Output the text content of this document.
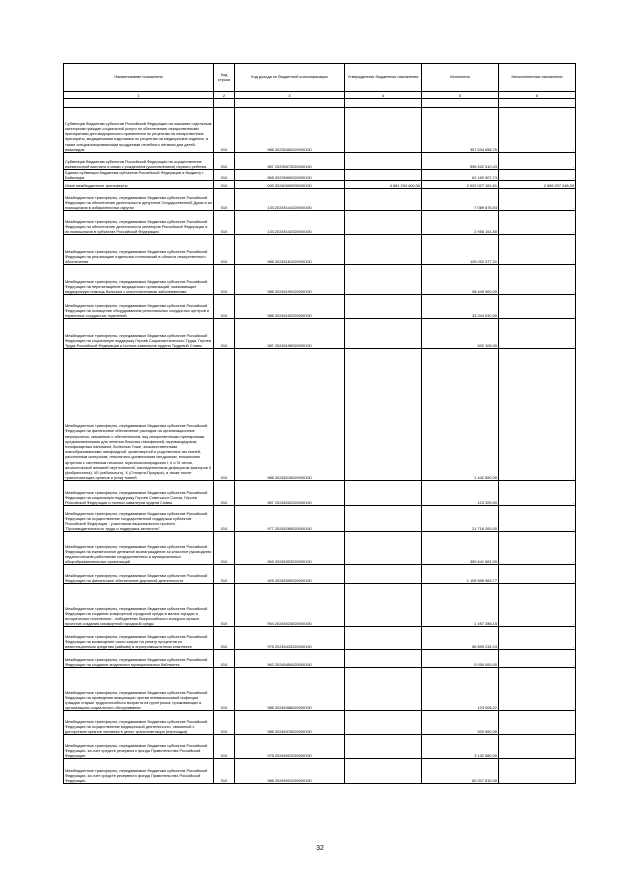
Наименование показателя	Код строки	Код дохода по бюджетной классификации	Утвержденные бюджетные назначения	Исполнено	Неисполненные назначения
1	2	3	4	5	6

Субвенции бюджетам субъектов Российской Федерации на оказание отдельным категориям граждан социальной услуги по обеспечению лекарственными препаратами для медицинского применения по рецептам на лекарственные препараты, медицинскими изделиями по рецептам на медицинские изделия, а также специализированными продуктами лечебного питания для детей-инвалидов	010	986 20235460020000150		357 634 656,76	-
Субвенции бюджетам субъектов Российской Федерации на осуществление ежемесячной выплаты в связи с рождением (усыновлением) первого ребенка	010	987 20235573020000150		596 522 510,43	-
Единая субвенция бюджетам субъектов Российской Федерации и бюджету г. Байконура	010	965 20235900020000150		61 169 907,73	-
Иные межбюджетные трансферты	010	000 20240000000000150	4 681 234 400,00	2 022 027 151,91	2 659 207 248,09
Межбюджетные трансферты, передаваемые бюджетам субъектов Российской Федерации на обеспечение деятельности депутатов Государственной Думы и их помощников в избирательных округах	010	133 20245141020000150		7 089 675,93	-
Межбюджетные трансферты, передаваемые бюджетам субъектов Российской Федерации на обеспечение деятельности сенаторов Российской Федерации и их помощников в субъектах Российской Федерации	010	133 20245142020000150		2 956 151,80	-
Межбюджетные трансферты, передаваемые бюджетам субъектов Российской Федерации на реализацию отдельных полномочий в области лекарственного обеспечения	010	986 20245161020000150		126 002 377,31	-
Межбюджетные трансферты, передаваемые бюджетам субъектов Российской Федерации на переоснащение медицинских организаций, оказывающих медицинскую помощь больным с онкологическими заболеваниями	010	986 20245190020000150		98 445 900,00	-
Межбюджетные трансферты, передаваемые бюджетам субъектов Российской Федерации на оснащение оборудованием региональных сосудистых центров и первичных сосудистых отделений	010	986 20245192020000150		33 244 510,00	-
Межбюджетные трансферты, передаваемые бюджетам субъектов Российской Федерации на социальную поддержку Героев Социалистического Труда, Героев Труда Российской Федерации и полных кавалеров ордена Трудовой Славы	010	987 20245198020000150		532 106,00	-
Межбюджетные трансферты, передаваемые бюджетам субъектов Российской Федерации на финансовое обеспечение расходов на организационные мероприятия, связанные с обеспечением лиц лекарственными препаратами, предназначенными для лечения больных гемофилией, муковисцидозом, гипофизарным нанизмом, болезнью Гоше, злокачественными новообразованиями лимфоидной, кроветворной и родственных им тканей, рассеянным склерозом, гемолитико-уремическим синдромом, юношеским артритом с системным началом, мукополисахаридозом I, II и VI типов, апластической анемией неуточненной, наследственным дефицитом факторов II (фибриногена), VII (лабильного), X (Стюарта-Прауэра), а также после трансплантации органов и (или) тканей	010	986 20245216020000150		1 442 850,00	-
Межбюджетные трансферты, передаваемые бюджетам субъектов Российской Федерации на социальную поддержку Героев Советского Союза, Героев Российской Федерации и полных кавалеров ордена Славы	010	987 20245252020000150		123 325,00	-
Межбюджетные трансферты, передаваемые бюджетам субъектов Российской Федерации на осуществление государственной поддержки субъектов Российской Федерации - участников национального проекта "Производительность труда и поддержка занятости"	010	977 20245289020000150		21 716 200,00	-
Межбюджетные трансферты, передаваемые бюджетам субъектов Российской Федерации на ежемесячное денежное вознаграждение за классное руководство педагогическим работникам государственных и муниципальных общеобразовательных организаций	010	969 20245303020000150		359 641 681,00	-
Межбюджетные трансферты, передаваемые бюджетам субъектов Российской Федерации на финансовое обеспечение дорожной деятельности	010	929 20245390020000150		1 105 596 963,77	-
Межбюджетные трансферты, передаваемые бюджетам субъектов Российской Федерации на создание комфортной городской среды в малых городах и исторических поселениях - победителях Всероссийского конкурса лучших проектов создания комфортной городской среды	010	954 20245424020000150		1 497 286,15	-
Межбюджетные трансферты, передаваемые бюджетам субъектов Российской Федерации на возмещение части затрат на уплату процентов по инвестиционным кредитам (займам) в агропромышленном комплексе	010	975 20245433020000150		56 895 234,03	-
Межбюджетные трансферты, передаваемые бюджетам субъектов Российской Федерации на создание модельных муниципальных библиотек	010	962 20245454020000150		5 000 000,00	-
Межбюджетные трансферты, передаваемые бюджетам субъектов Российской Федерации на проведение вакцинации против пневмококковой инфекции граждан старше трудоспособного возраста из групп риска, проживающих в организациях социального обслуживания	010	986 20245468020000150		123 008,22	-
Межбюджетные трансферты, передаваемые бюджетам субъектов Российской Федерации на осуществление медицинской деятельности, связанной с донорством органов человека в целях трансплантации (пересадки)	010	986 20245476020000150		520 650,00	-
Межбюджетные трансферты, передаваемые бюджетам субъектов Российской Федерации, за счет средств резервного фонда Правительства Российской Федерации	010	975 20249001020000150		3 132 680,00	-
Межбюджетные трансферты, передаваемые бюджетам субъектов Российской Федерации, за счет средств резервного фонда Правительства Российской Федерации	010	986 20249001020000150		60 207 815,40	-
32
